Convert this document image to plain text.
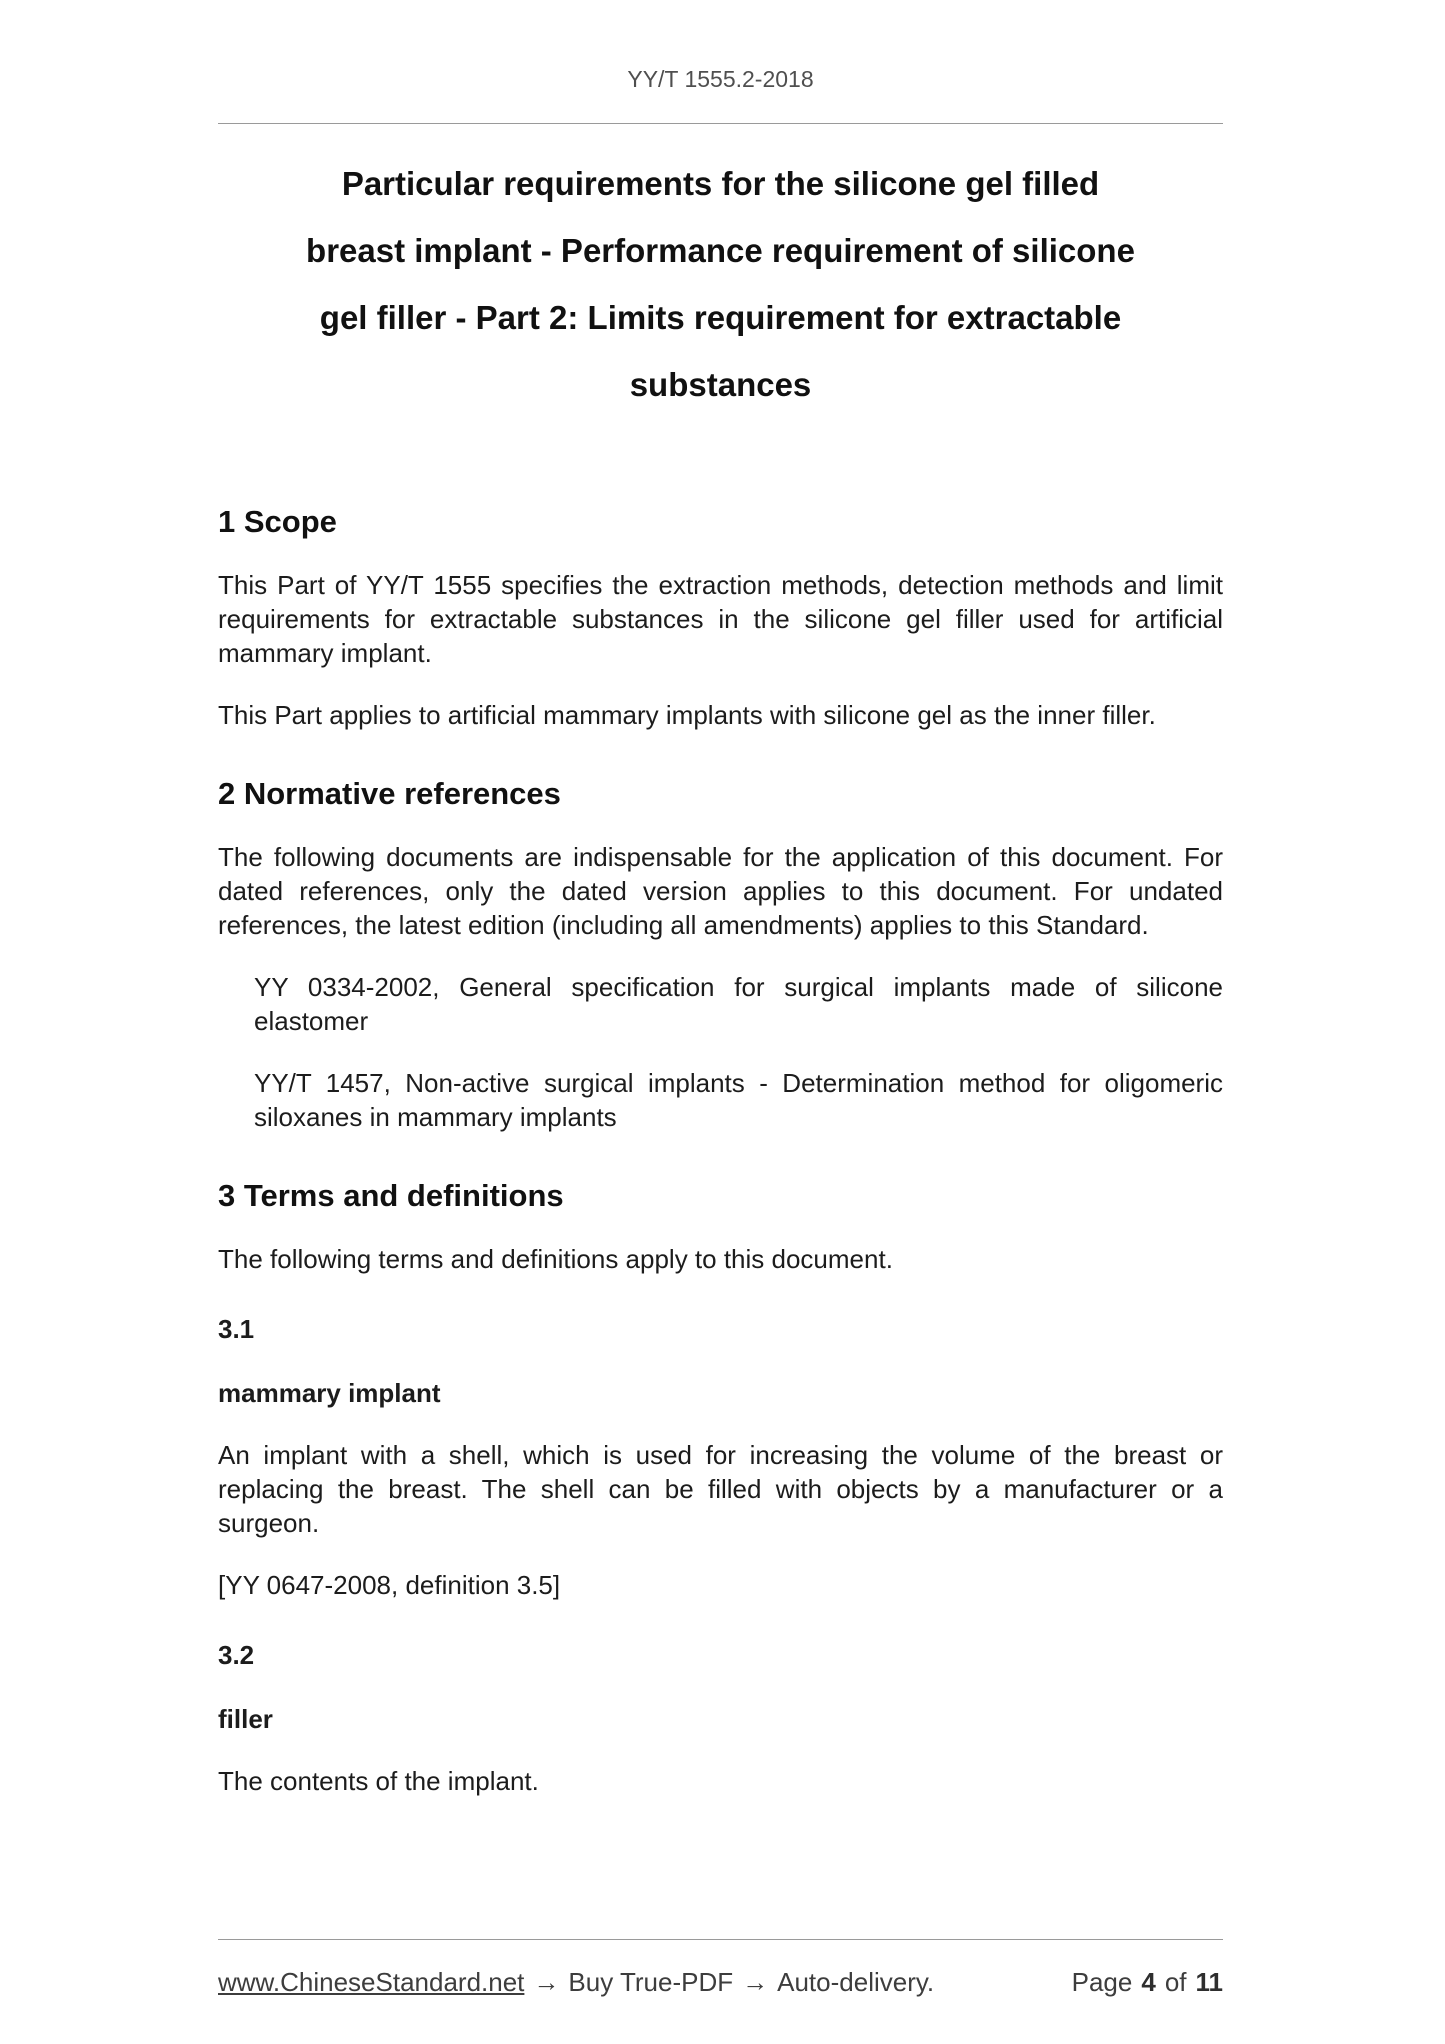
YY/T 1555.2-2018
Particular requirements for the silicone gel filled
breast implant - Performance requirement of silicone
gel filler - Part 2: Limits requirement for extractable
substances
1 Scope

This Part of YY/T 1555 specifies the extraction methods, detection methods and limit requirements for extractable substances in the silicone gel filler used for artificial mammary implant.

This Part applies to artificial mammary implants with silicone gel as the inner filler.

2 Normative references

The following documents are indispensable for the application of this document. For dated references, only the dated version applies to this document. For undated references, the latest edition (including all amendments) applies to this Standard.

YY 0334-2002, General specification for surgical implants made of silicone elastomer

YY/T 1457, Non-active surgical implants - Determination method for oligomeric siloxanes in mammary implants

3 Terms and definitions

The following terms and definitions apply to this document.

3.1
mammary implant

An implant with a shell, which is used for increasing the volume of the breast or replacing the breast. The shell can be filled with objects by a manufacturer or a surgeon.

[YY 0647-2008, definition 3.5]

3.2
filler

The contents of the implant.

www.ChineseStandard.net → Buy True-PDF → Auto-delivery.	Page 4 of 11
